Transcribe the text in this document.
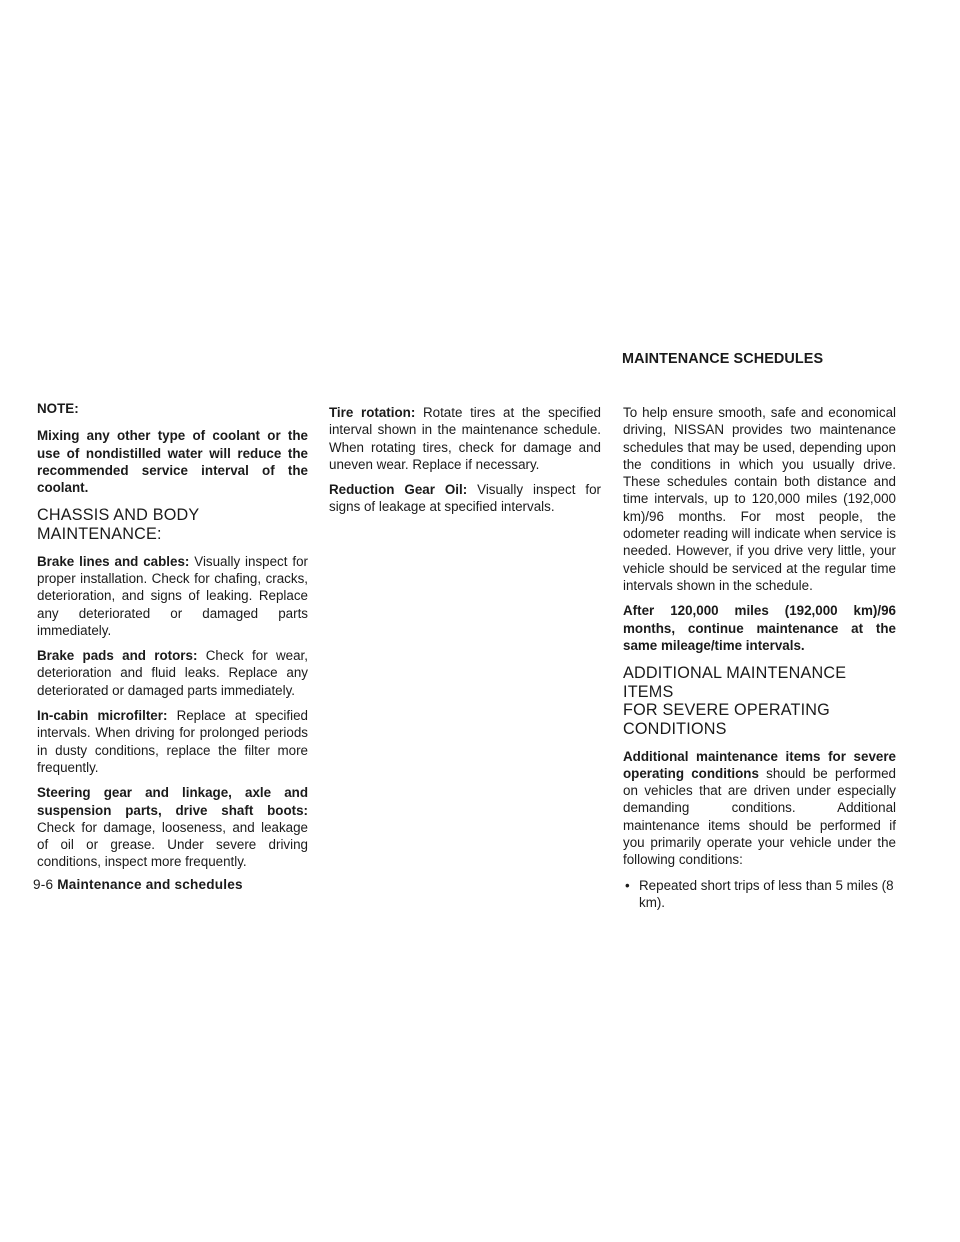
MAINTENANCE SCHEDULES

NOTE:

Mixing any other type of coolant or the use of nondistilled water will reduce the recommended service interval of the coolant.

CHASSIS AND BODY
MAINTENANCE:

Brake lines and cables: Visually inspect for proper installation. Check for chafing, cracks, deterioration, and signs of leaking. Replace any deteriorated or damaged parts immediately.

Brake pads and rotors: Check for wear, deterioration and fluid leaks. Replace any deteriorated or damaged parts immediately.

In-cabin microfilter: Replace at specified intervals. When driving for prolonged periods in dusty conditions, replace the filter more frequently.

Steering gear and linkage, axle and suspension parts, drive shaft boots: Check for damage, looseness, and leakage of oil or grease. Under severe driving conditions, inspect more frequently.

Tire rotation: Rotate tires at the specified interval shown in the maintenance schedule. When rotating tires, check for damage and uneven wear. Replace if necessary.

Reduction Gear Oil: Visually inspect for signs of leakage at specified intervals.

To help ensure smooth, safe and economical driving, NISSAN provides two maintenance schedules that may be used, depending upon the conditions in which you usually drive. These schedules contain both distance and time intervals, up to 120,000 miles (192,000 km)/96 months. For most people, the odometer reading will indicate when service is needed. However, if you drive very little, your vehicle should be serviced at the regular time intervals shown in the schedule.

After 120,000 miles (192,000 km)/96 months, continue maintenance at the same mileage/time intervals.

ADDITIONAL MAINTENANCE ITEMS
FOR SEVERE OPERATING
CONDITIONS

Additional maintenance items for severe operating conditions should be performed on vehicles that are driven under especially demanding conditions. Additional maintenance items should be performed if you primarily operate your vehicle under the following conditions:

• Repeated short trips of less than 5 miles (8 km).
9-6 Maintenance and schedules
